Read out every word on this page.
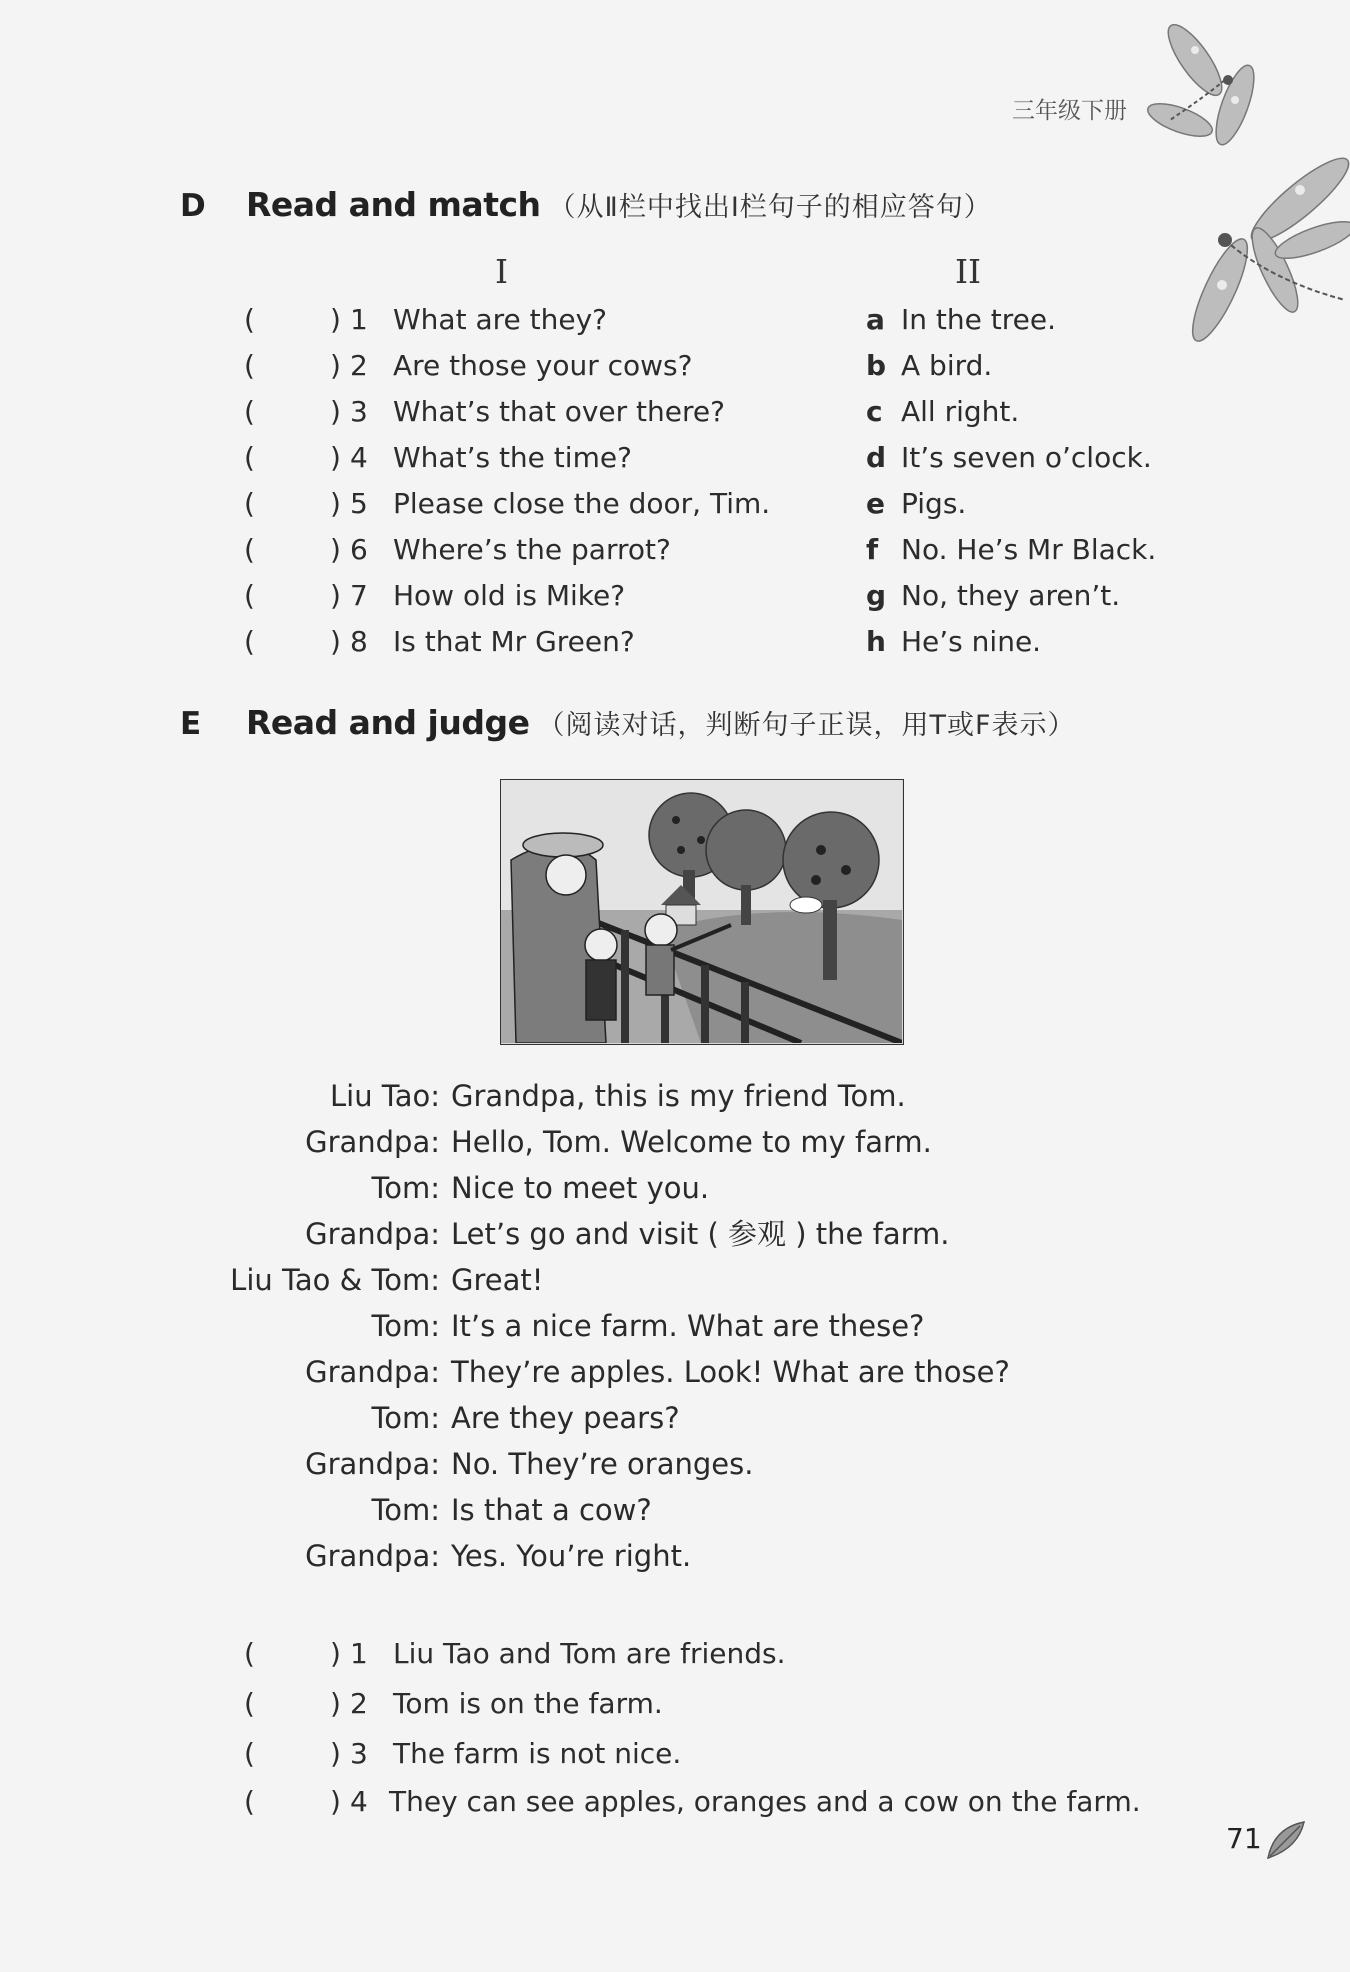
三年级下册
D	Read and match （从Ⅱ栏中找出Ⅰ栏句子的相应答句）
I	II
(	) 1 What are they?	a In the tree.
(	) 2 Are those your cows?	b A bird.
(	) 3 What’s that over there?	c All right.
(	) 4 What’s the time?	d It’s seven o’clock.
(	) 5 Please close the door, Tim.	e Pigs.
(	) 6 Where’s the parrot?	f No. He’s Mr Black.
(	) 7 How old is Mike?	g No, they aren’t.
(	) 8 Is that Mr Green?	h He’s nine.
E	Read and judge （阅读对话，判断句子正误，用T或F表示）
Liu Tao: Grandpa, this is my friend Tom.
Grandpa: Hello, Tom. Welcome to my farm.
Tom: Nice to meet you.
Grandpa: Let’s go and visit ( 参观 ) the farm.
Liu Tao & Tom: Great!
Tom: It’s a nice farm. What are these?
Grandpa: They’re apples. Look! What are those?
Tom: Are they pears?
Grandpa: No. They’re oranges.
Tom: Is that a cow?
Grandpa: Yes. You’re right.
(	) 1 Liu Tao and Tom are friends.
(	) 2 Tom is on the farm.
(	) 3 The farm is not nice.
(	) 4 They can see apples, oranges and a cow on the farm.
71
